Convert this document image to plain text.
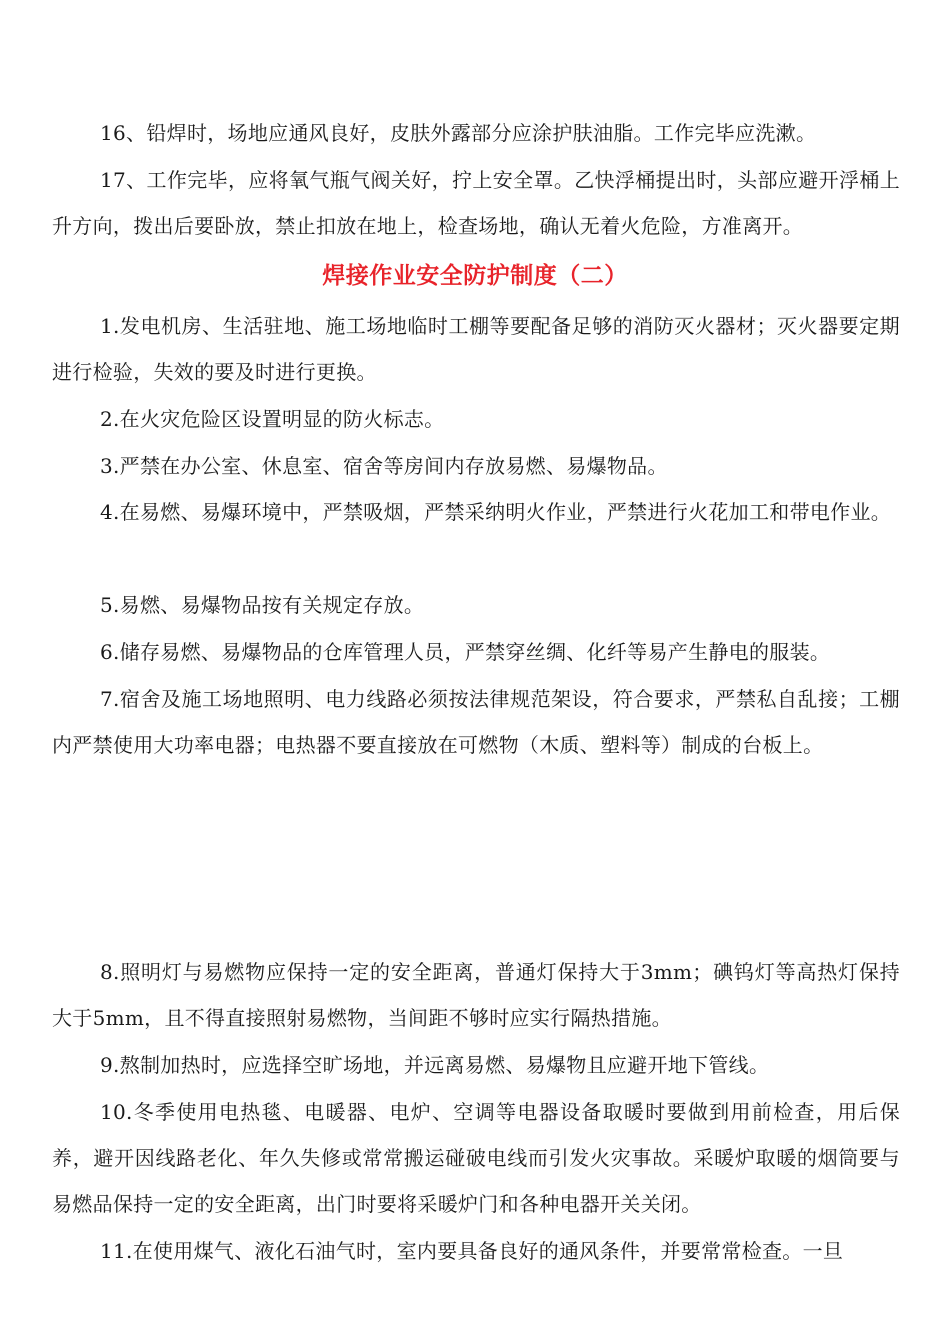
16、铅焊时，场地应通风良好，皮肤外露部分应涂护肤油脂。工作完毕应洗漱。

17、工作完毕，应将氧气瓶气阀关好，拧上安全罩。乙快浮桶提出时，头部应避开浮桶上升方向，拨出后要卧放，禁止扣放在地上，检查场地，确认无着火危险，方准离开。

焊接作业安全防护制度（二）

1.发电机房、生活驻地、施工场地临时工棚等要配备足够的消防灭火器材；灭火器要定期进行检验，失效的要及时进行更换。

2.在火灾危险区设置明显的防火标志。

3.严禁在办公室、休息室、宿舍等房间内存放易燃、易爆物品。

4.在易燃、易爆环境中，严禁吸烟，严禁采纳明火作业，严禁进行火花加工和带电作业。

5.易燃、易爆物品按有关规定存放。

6.储存易燃、易爆物品的仓库管理人员，严禁穿丝绸、化纤等易产生静电的服装。

7.宿舍及施工场地照明、电力线路必须按法律规范架设，符合要求，严禁私自乱接；工棚内严禁使用大功率电器；电热器不要直接放在可燃物（木质、塑料等）制成的台板上。

8.照明灯与易燃物应保持一定的安全距离，普通灯保持大于3mm；碘钨灯等高热灯保持大于5mm，且不得直接照射易燃物，当间距不够时应实行隔热措施。

9.熬制加热时，应选择空旷场地，并远离易燃、易爆物且应避开地下管线。

10.冬季使用电热毯、电暖器、电炉、空调等电器设备取暖时要做到用前检查，用后保养，避开因线路老化、年久失修或常常搬运碰破电线而引发火灾事故。采暖炉取暖的烟筒要与易燃品保持一定的安全距离，出门时要将采暖炉门和各种电器开关关闭。

11.在使用煤气、液化石油气时，室内要具备良好的通风条件，并要常常检查。一旦
